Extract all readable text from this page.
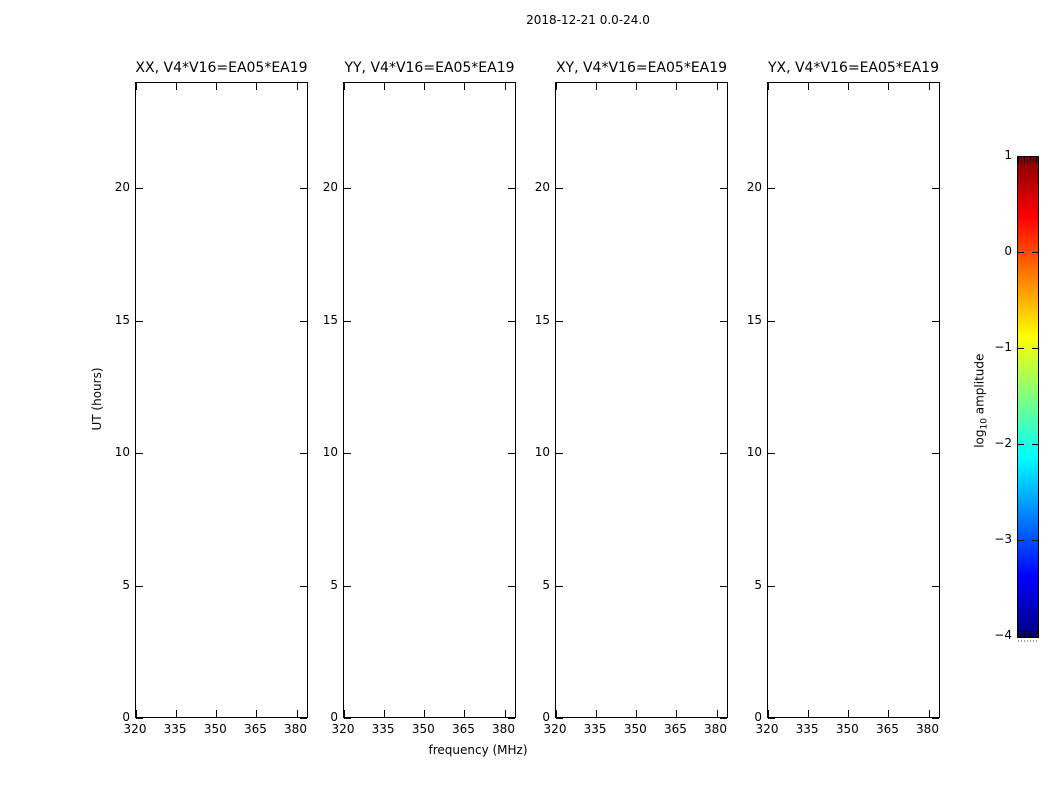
2018-12-21 0.0-24.0
XX, V4*V16=EA05*EA19
320 335 350 365 380
0
5
10
15
20
YY, V4*V16=EA05*EA19
320 335 350 365 380
0
5
10
15
20
XY, V4*V16=EA05*EA19
320 335 350 365 380
0
5
10
15
20
YX, V4*V16=EA05*EA19
320 335 350 365 380
0
5
10
15
20
frequency (MHz)
UT (hours)
1
0
−1
−2
−3
−4
$\log_{10}$ amplitude
